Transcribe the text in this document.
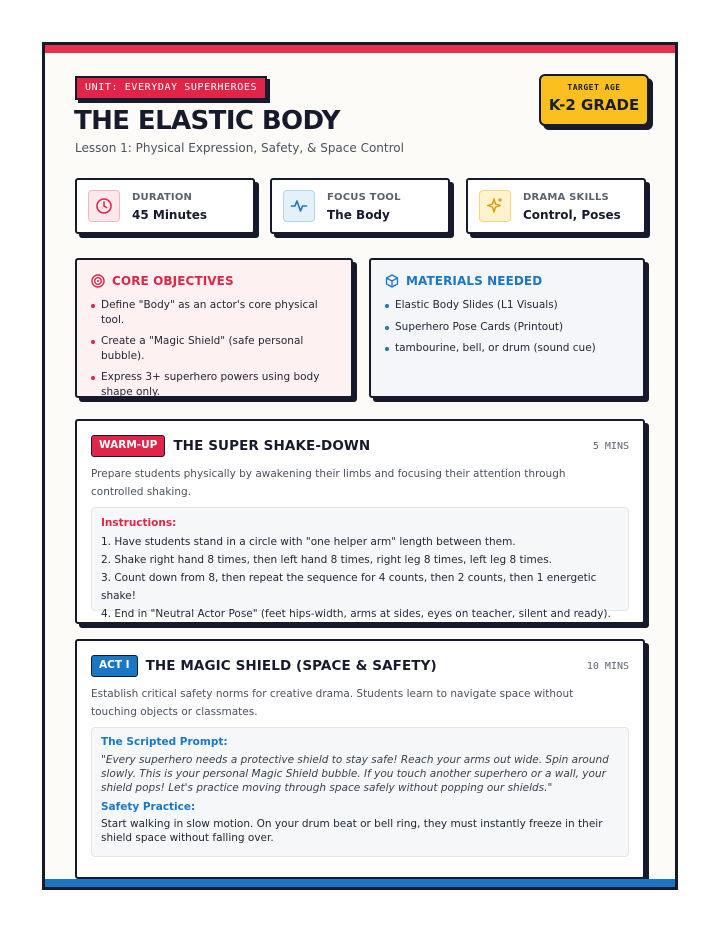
UNIT: EVERYDAY SUPERHEROES	TARGET AGE
K-2 GRADE
THE ELASTIC BODY
Lesson 1: Physical Expression, Safety, & Space Control
DURATION
45 Minutes
FOCUS TOOL
The Body
DRAMA SKILLS
Control, Poses
CORE OBJECTIVES
Define "Body" as an actor's core physical tool.
Create a "Magic Shield" (safe personal bubble).
Express 3+ superhero powers using body shape only.
MATERIALS NEEDED
Elastic Body Slides (L1 Visuals)
Superhero Pose Cards (Printout)
tambourine, bell, or drum (sound cue)
WARM-UP	THE SUPER SHAKE-DOWN	5 MINS
Prepare students physically by awakening their limbs and focusing their attention through controlled shaking.
Instructions:
1. Have students stand in a circle with "one helper arm" length between them.
2. Shake right hand 8 times, then left hand 8 times, right leg 8 times, left leg 8 times.
3. Count down from 8, then repeat the sequence for 4 counts, then 2 counts, then 1 energetic shake!
4. End in "Neutral Actor Pose" (feet hips-width, arms at sides, eyes on teacher, silent and ready).
ACT I	THE MAGIC SHIELD (SPACE & SAFETY)	10 MINS
Establish critical safety norms for creative drama. Students learn to navigate space without touching objects or classmates.
The Scripted Prompt:
"Every superhero needs a protective shield to stay safe! Reach your arms out wide. Spin around slowly. This is your personal Magic Shield bubble. If you touch another superhero or a wall, your shield pops! Let's practice moving through space safely without popping our shields."
Safety Practice:
Start walking in slow motion. On your drum beat or bell ring, they must instantly freeze in their shield space without falling over.
